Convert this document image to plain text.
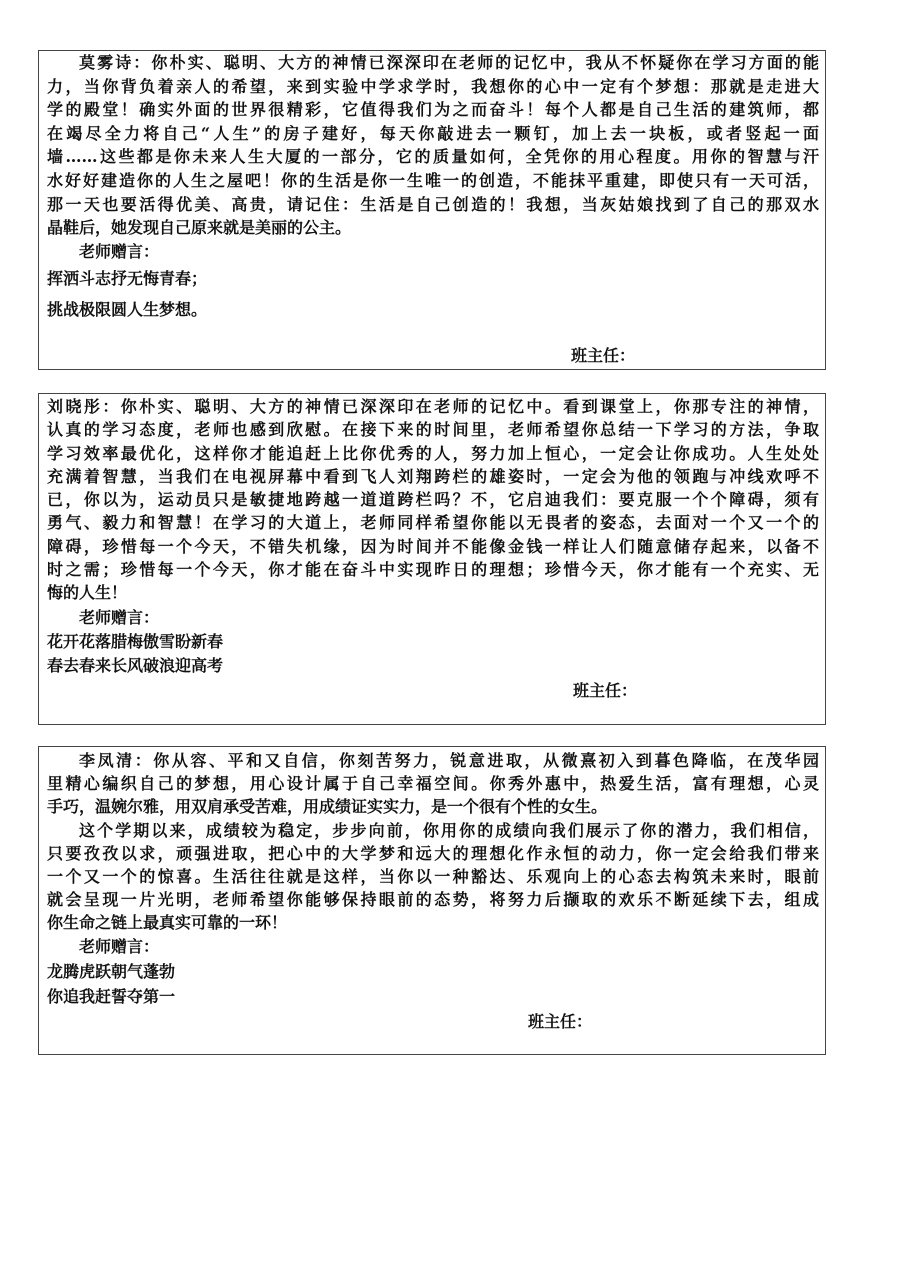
莫雾诗：你朴实、聪明、大方的神情已深深印在老师的记忆中，我从不怀疑你在学习方面的能
力，当你背负着亲人的希望，来到实验中学求学时，我想你的心中一定有个梦想：那就是走进大
学的殿堂！确实外面的世界很精彩，它值得我们为之而奋斗！每个人都是自己生活的建筑师，都
在竭尽全力将自己“人生”的房子建好，每天你敲进去一颗钉，加上去一块板，或者竖起一面
墙……这些都是你未来人生大厦的一部分，它的质量如何，全凭你的用心程度。用你的智慧与汗
水好好建造你的人生之屋吧！你的生活是你一生唯一的创造，不能抹平重建，即使只有一天可活，
那一天也要活得优美、高贵，请记住：生活是自己创造的！我想，当灰姑娘找到了自己的那双水
晶鞋后，她发现自己原来就是美丽的公主。
老师赠言：
挥洒斗志抒无悔青春；
挑战极限圆人生梦想。
班主任：
刘晓彤：你朴实、聪明、大方的神情已深深印在老师的记忆中。看到课堂上，你那专注的神情，
认真的学习态度，老师也感到欣慰。在接下来的时间里，老师希望你总结一下学习的方法，争取
学习效率最优化，这样你才能追赶上比你优秀的人，努力加上恒心，一定会让你成功。人生处处
充满着智慧，当我们在电视屏幕中看到飞人刘翔跨栏的雄姿时，一定会为他的领跑与冲线欢呼不
已，你以为，运动员只是敏捷地跨越一道道跨栏吗？不，它启迪我们：要克服一个个障碍，须有
勇气、毅力和智慧！在学习的大道上，老师同样希望你能以无畏者的姿态，去面对一个又一个的
障碍，珍惜每一个今天，不错失机缘，因为时间并不能像金钱一样让人们随意储存起来，以备不
时之需；珍惜每一个今天，你才能在奋斗中实现昨日的理想；珍惜今天，你才能有一个充实、无
悔的人生！
老师赠言：
花开花落腊梅傲雪盼新春
春去春来长风破浪迎高考
班主任：
李凤清：你从容、平和又自信，你刻苦努力，锐意进取，从微熹初入到暮色降临，在茂华园
里精心编织自己的梦想，用心设计属于自己幸福空间。你秀外惠中，热爱生活，富有理想，心灵
手巧，温婉尔雅，用双肩承受苦难，用成绩证实实力，是一个很有个性的女生。
这个学期以来，成绩较为稳定，步步向前，你用你的成绩向我们展示了你的潜力，我们相信，
只要孜孜以求，顽强进取，把心中的大学梦和远大的理想化作永恒的动力，你一定会给我们带来
一个又一个的惊喜。生活往往就是这样，当你以一种豁达、乐观向上的心态去构筑未来时，眼前
就会呈现一片光明，老师希望你能够保持眼前的态势，将努力后撷取的欢乐不断延续下去，组成
你生命之链上最真实可靠的一环！
老师赠言：
龙腾虎跃朝气蓬勃
你追我赶誓夺第一
班主任：
